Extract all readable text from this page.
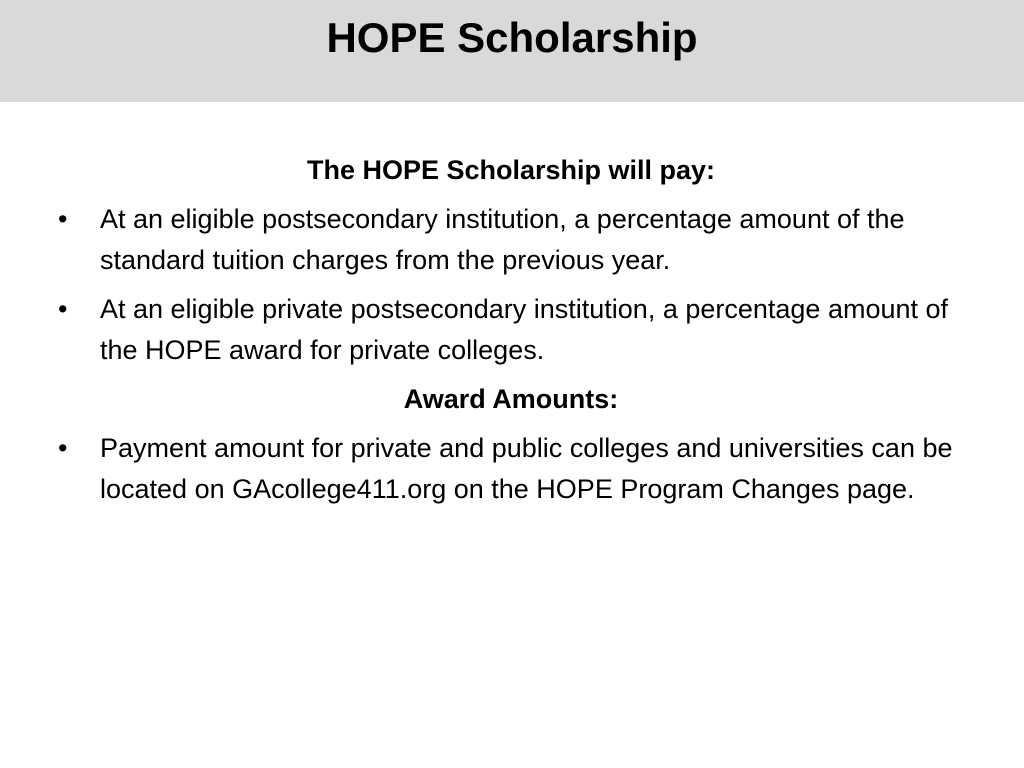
HOPE Scholarship

The HOPE Scholarship will pay:

•	At an eligible postsecondary institution, a percentage amount of the standard tuition charges from the previous year.
•	At an eligible private postsecondary institution, a percentage amount of the HOPE award for private colleges.

Award Amounts:

•	Payment amount for private and public colleges and universities can be located on GAcollege411.org on the HOPE Program Changes page.
